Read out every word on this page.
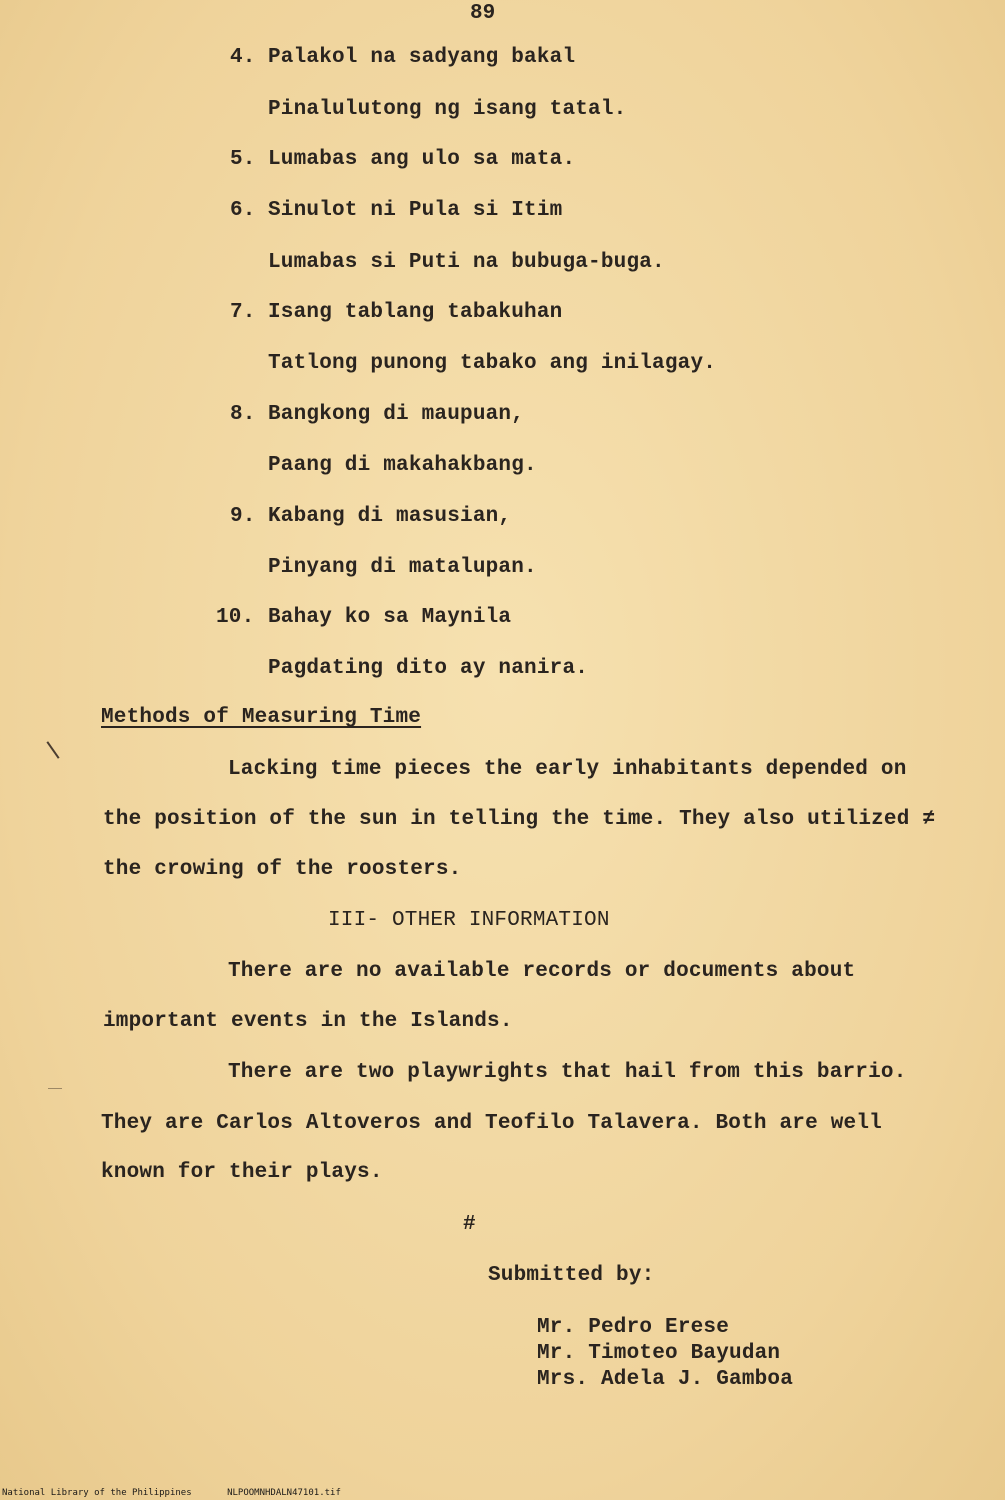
89
4. Palakol na sadyang bakal
Pinalulutong ng isang tatal.
5. Lumabas ang ulo sa mata.
6. Sinulot ni Pula si Itim
Lumabas si Puti na bubuga-buga.
7. Isang tablang tabakuhan
Tatlong punong tabako ang inilagay.
8. Bangkong di maupuan,
Paang di makahakbang.
9. Kabang di masusian,
Pinyang di matalupan.
10. Bahay ko sa Maynila
Pagdating dito ay nanira.
Methods of Measuring Time
Lacking time pieces the early inhabitants depended on
the position of the sun in telling the time. They also utilized ≠
the crowing of the roosters.
III- OTHER INFORMATION
There are no available records or documents about
important events in the Islands.
There are two playwrights that hail from this barrio.
They are Carlos Altoveros and Teofilo Talavera. Both are well
known for their plays.
#
Submitted by:
Mr. Pedro Erese
Mr. Timoteo Bayudan
Mrs. Adela J. Gamboa
National Library of the Philippines	NLPOOMNHDALN47101.tif
